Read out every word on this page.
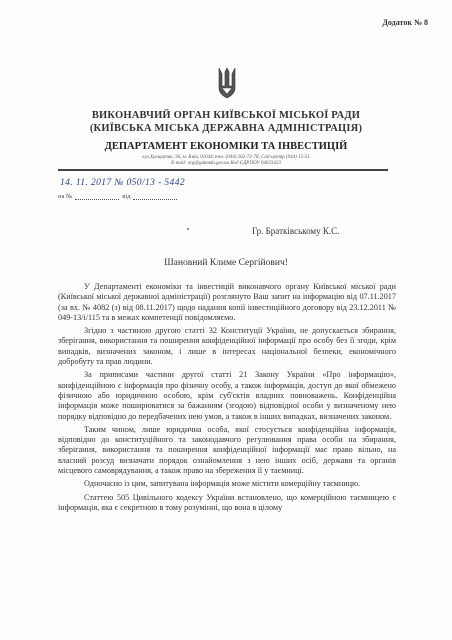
Додаток № 8
ВИКОНАВЧИЙ ОРГАН КИЇВСЬКОЇ МІСЬКОЇ РАДИ
(КИЇВСЬКА МІСЬКА ДЕРЖАВНА АДМІНІСТРАЦІЯ)
ДЕПАРТАМЕНТ ЕКОНОМІКИ ТА ІНВЕСТИЦІЙ
вул.Хрещатик, 36, м. Київ, 01044, тел. (044) 202-72-78, Call-центр (044) 15-51
E-mail: org@gukmda.gov.ua Код ЄДРПОУ 04633423
14. 11. 2017 № 050/13 - 5442
на №	від
Гр. Братківському К.С.
Шановний Климе Сергійович!

У Департаменті економіки та інвестицій виконавчого органу Київської міської ради (Київської міської державної адміністрації) розглянуто Ваш запит на інформацію від 07.11.2017 (за вх. № 4082 (з) від 08.11.2017) щодо надання копії інвестиційного договору від 23.12.2011 № 049-13/і/115 та в межах компетенції повідомляємо.

Згідно з частиною другою статті 32 Конституції України, не допускається збирання, зберігання, використання та поширення конфіденційної інформації про особу без її згоди, крім випадків, визначених законом, і лише в інтересах національної безпеки, економічного добробуту та прав людини.

За приписами частини другої статті 21 Закону України «Про інформацію», конфіденційною є інформація про фізичну особу, а також інформація, доступ до якої обмежено фізичною або юридичною особою, крім суб'єктів владних повноважень. Конфіденційна інформація може поширюватися за бажанням (згодою) відповідної особи у визначеному нею порядку відповідно до передбачених нею умов, а також в інших випадках, визначених законом.

Таким чином, лише юридична особа, якої стосується конфіденційна інформація, відповідно до конституційного та законодавчого регулювання права особи на збирання, зберігання, використання та поширення конфіденційної інформації має право вільно, на власний розсуд визначати порядок ознайомлення з нею інших осіб, держави та органів місцевого самоврядування, а також право на збереження її у таємниці.

Одночасно із цим, запитувана інформація може містити комерційну таємницю.

Статтею 505 Цивільного кодексу України встановлено, що комерційною таємницею є інформація, яка є секретною в тому розумінні, що вона в цілому
